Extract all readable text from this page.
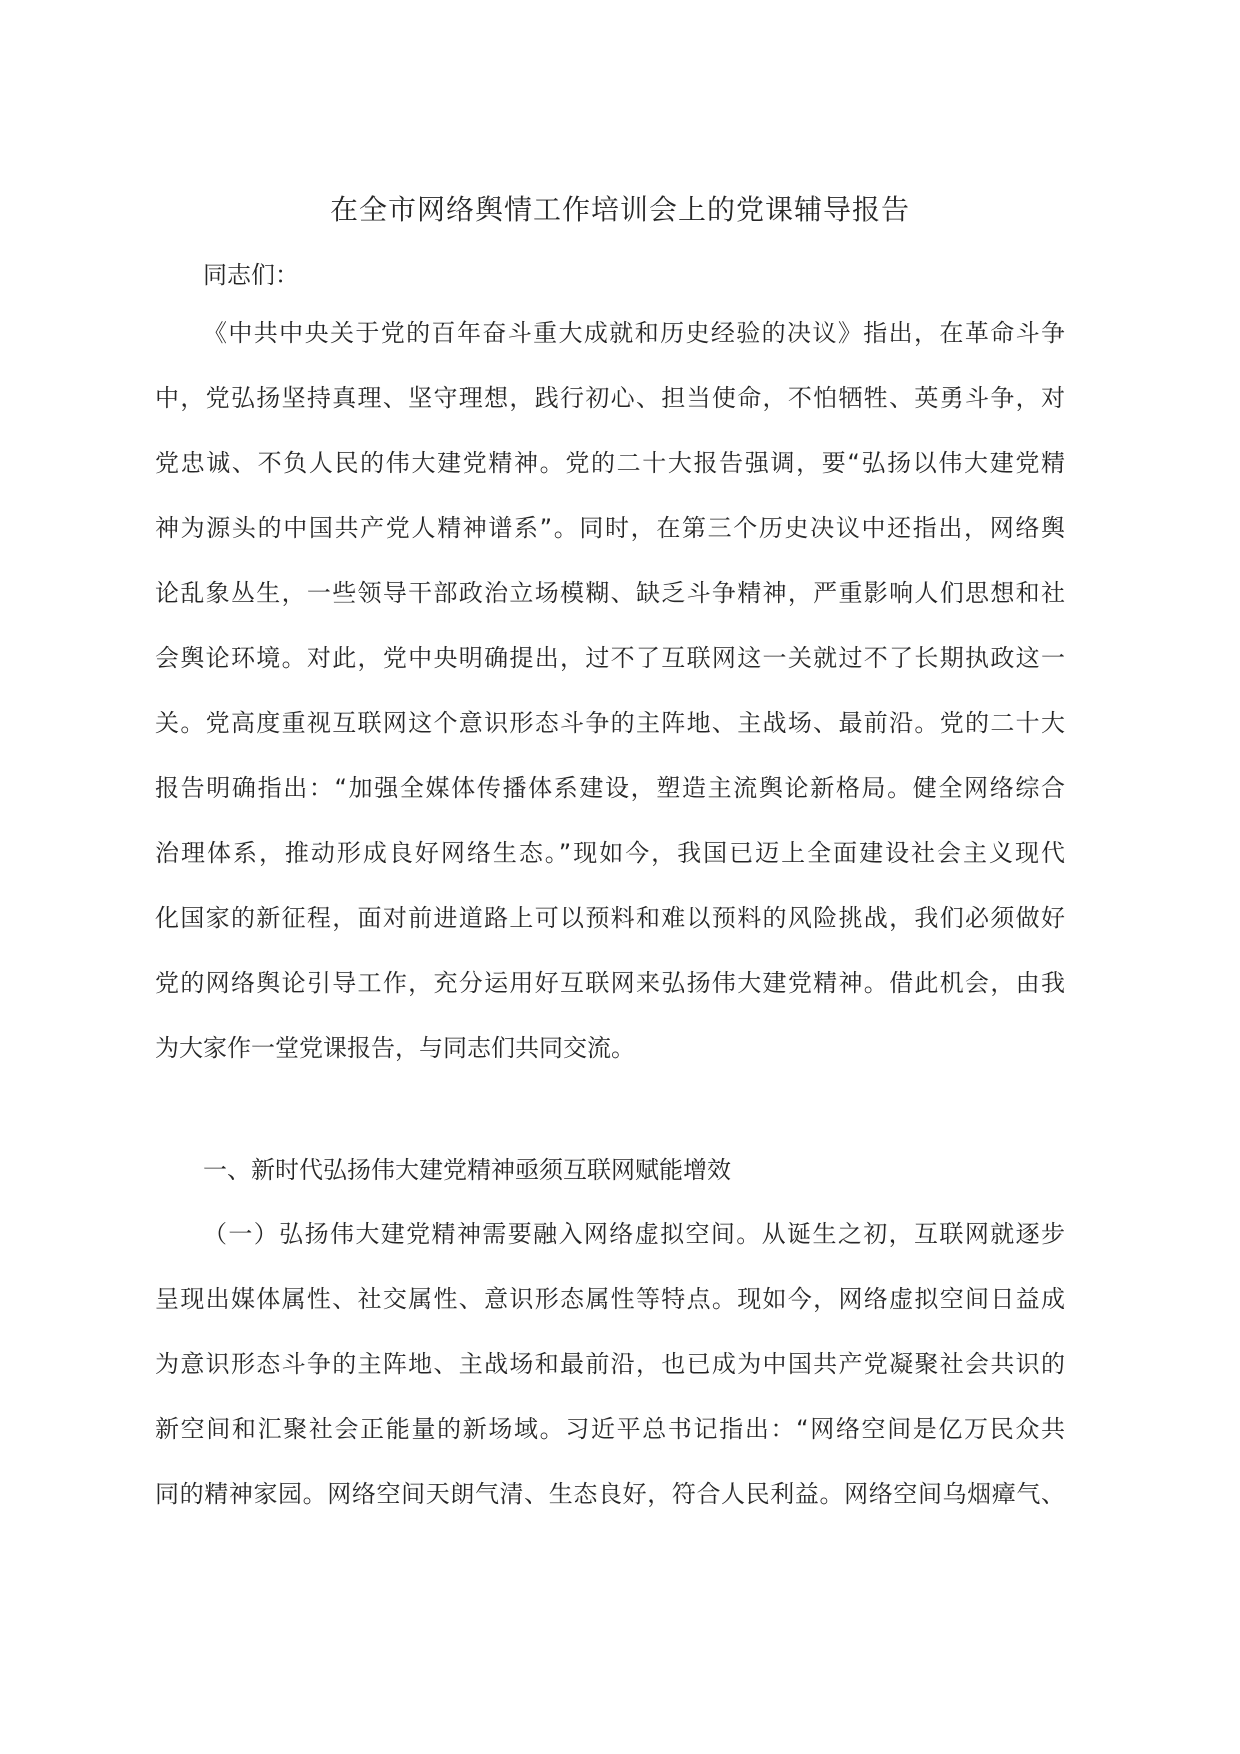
在全市网络舆情工作培训会上的党课辅导报告
同志们：
《中共中央关于党的百年奋斗重大成就和历史经验的决议》指出，在革命斗争
中，党弘扬坚持真理、坚守理想，践行初心、担当使命，不怕牺牲、英勇斗争，对
党忠诚、不负人民的伟大建党精神。党的二十大报告强调，要“弘扬以伟大建党精
神为源头的中国共产党人精神谱系”。同时，在第三个历史决议中还指出，网络舆
论乱象丛生，一些领导干部政治立场模糊、缺乏斗争精神，严重影响人们思想和社
会舆论环境。对此，党中央明确提出，过不了互联网这一关就过不了长期执政这一
关。党高度重视互联网这个意识形态斗争的主阵地、主战场、最前沿。党的二十大
报告明确指出：“加强全媒体传播体系建设，塑造主流舆论新格局。健全网络综合
治理体系，推动形成良好网络生态。”现如今，我国已迈上全面建设社会主义现代
化国家的新征程，面对前进道路上可以预料和难以预料的风险挑战，我们必须做好
党的网络舆论引导工作，充分运用好互联网来弘扬伟大建党精神。借此机会，由我
为大家作一堂党课报告，与同志们共同交流。
一、新时代弘扬伟大建党精神亟须互联网赋能增效
（一）弘扬伟大建党精神需要融入网络虚拟空间。从诞生之初，互联网就逐步
呈现出媒体属性、社交属性、意识形态属性等特点。现如今，网络虚拟空间日益成
为意识形态斗争的主阵地、主战场和最前沿，也已成为中国共产党凝聚社会共识的
新空间和汇聚社会正能量的新场域。习近平总书记指出：“网络空间是亿万民众共
同的精神家园。网络空间天朗气清、生态良好，符合人民利益。网络空间乌烟瘴气、
